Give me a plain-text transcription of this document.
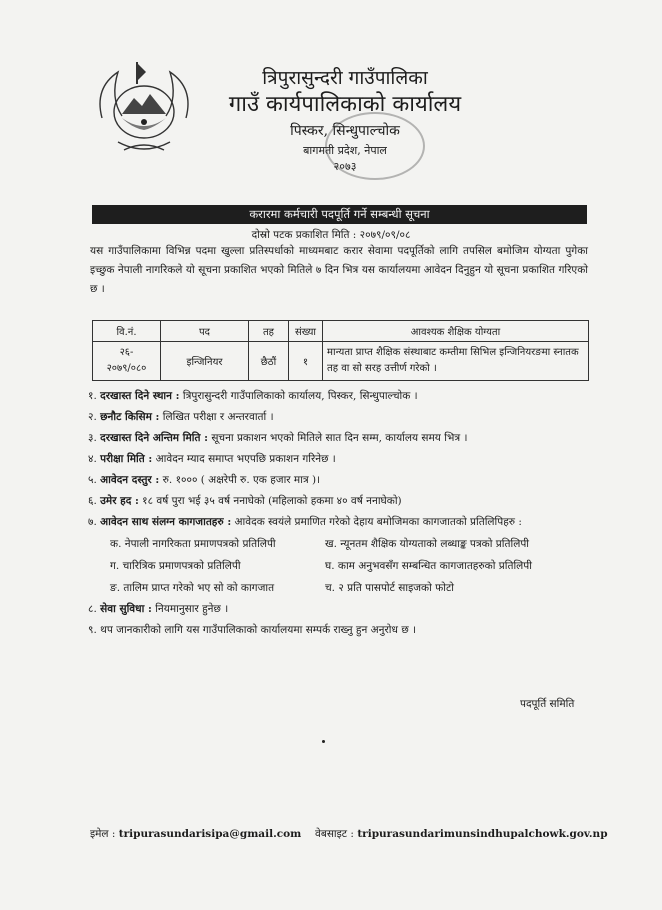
त्रिपुरासुन्दरी गाउँपालिका
गाउँ कार्यपालिकाको कार्यालय
पिस्कर, सिन्धुपाल्चोक
बागमती प्रदेश, नेपाल
२०७३
करारमा कर्मचारी पदपूर्ति गर्ने सम्बन्धी सूचना
दोस्रो पटक प्रकाशित मिति : २०७९/०९/०८
यस गाउँपालिकामा विभिन्न पदमा खुल्ला प्रतिस्पर्धाको माध्यमबाट करार सेवामा पदपूर्तिको लागि तपसिल बमोजिम योग्यता पुगेका इच्छुक नेपाली नागरिकले यो सूचना प्रकाशित भएको मितिले ७ दिन भित्र यस कार्यालयमा आवेदन दिनुहुन यो सूचना प्रकाशित गरिएको छ ।
वि.नं.	पद	तह	संख्या	आवश्यक शैक्षिक योग्यता
२६-
२०७९/०८०	इन्जिनियर	छैठौं	१	मान्यता प्राप्त शैक्षिक संस्थाबाट कम्तीमा सिभिल इन्जिनियरङमा स्नातक तह वा सो सरह उत्तीर्ण गरेको ।
१. दरखास्त दिने स्थान : त्रिपुरासुन्दरी गाउँपालिकाको कार्यालय, पिस्कर, सिन्धुपाल्चोक ।
२. छनौट किसिम : लिखित परीक्षा र अन्तरवार्ता ।
३. दरखास्त दिने अन्तिम मिति : सूचना प्रकाशन भएको मितिले सात दिन सम्म, कार्यालय समय भित्र ।
४. परीक्षा मिति : आवेदन म्याद समाप्त भएपछि प्रकाशन गरिनेछ ।
५. आवेदन दस्तुर : रु. १००० ( अक्षरेपी रु. एक हजार मात्र )।
६. उमेर हद : १८ वर्ष पुरा भई ३५ वर्ष ननाघेको (महिलाको हकमा ४० वर्ष ननाघेको)
७. आवेदन साथ संलग्न कागजातहरु : आवेदक स्वयंले प्रमाणित गरेको देहाय बमोजिमका कागजातको प्रतिलिपिहरु :
क. नेपाली नागरिकता प्रमाणपत्रको प्रतिलिपी	ख. न्यूनतम शैक्षिक योग्यताको लब्धाङ्क पत्रको प्रतिलिपी
ग. चारित्रिक प्रमाणपत्रको प्रतिलिपी	घ. काम अनुभवसँग सम्बन्धित कागजातहरुको प्रतिलिपी
ङ. तालिम प्राप्त गरेको भए सो को कागजात	च. २ प्रति पासपोर्ट साइजको फोटो
८. सेवा सुविधा : नियमानुसार हुनेछ ।
९. थप जानकारीको लागि यस गाउँपालिकाको कार्यालयमा सम्पर्क राख्नु हुन अनुरोध छ ।
पदपूर्ति समिति
इमेल : tripurasundarisipa@gmail.com वेबसाइट : tripurasundarimunsindhupalchowk.gov.np
